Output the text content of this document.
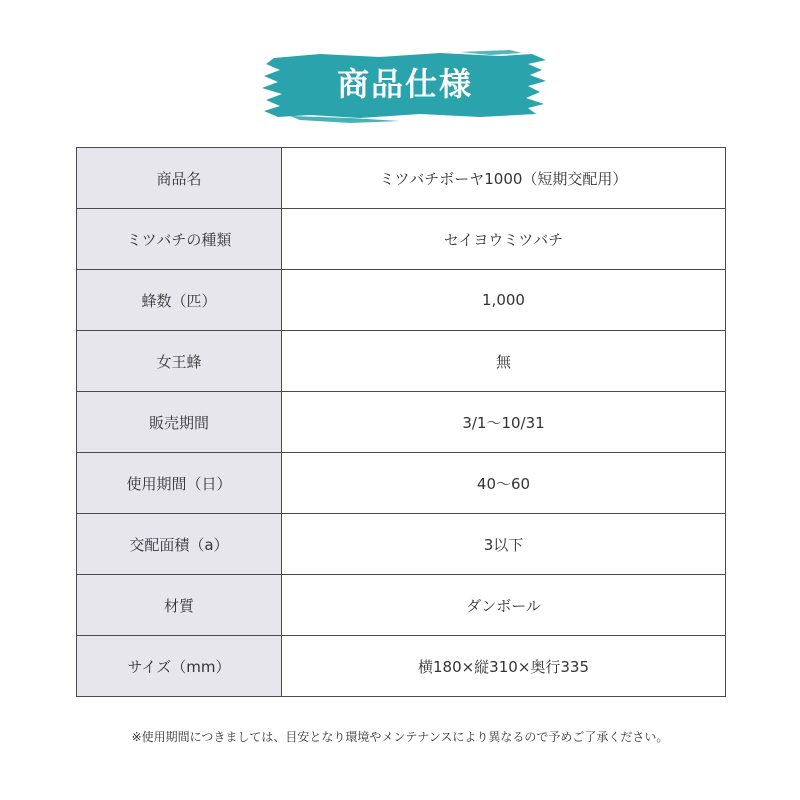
商品仕様
商品名	ミツバチボーヤ1000（短期交配用）
ミツバチの種類	セイヨウミツバチ
蜂数（匹）	1,000
女王蜂	無
販売期間	3/1～10/31
使用期間（日）	40～60
交配面積（a）	3以下
材質	ダンボール
サイズ（mm）	横180×縦310×奥行335
※使用期間につきましては、目安となり環境やメンテナンスにより異なるので予めご了承ください。
